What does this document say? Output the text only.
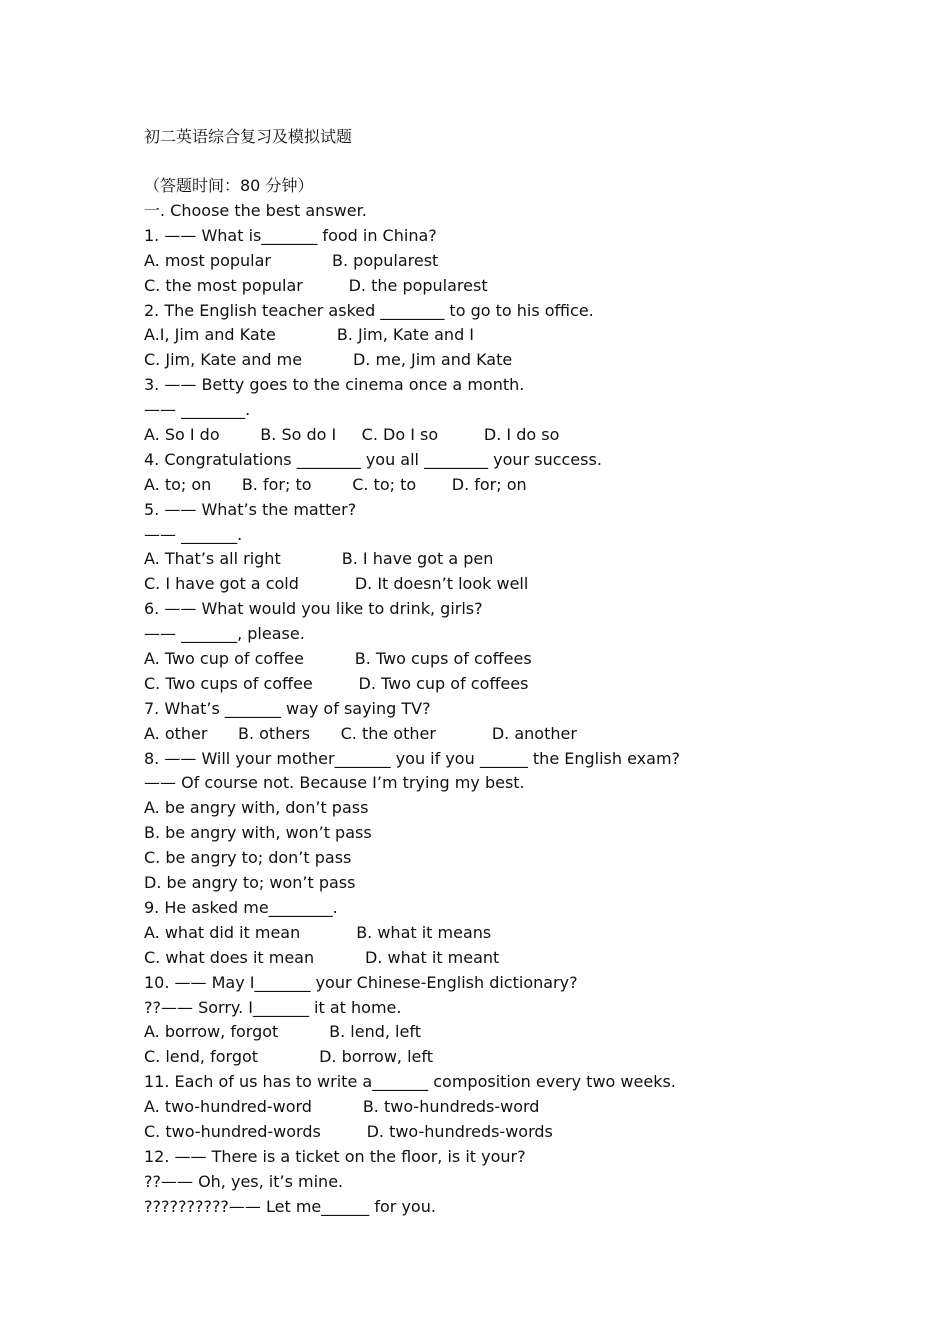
初二英语综合复习及模拟试题
（答题时间：80 分钟）
一. Choose the best answer.
1. —— What is_______ food in China?
A. most popular            B. popularest
C. the most popular         D. the popularest
2. The English teacher asked ________ to go to his office.
A.I, Jim and Kate            B. Jim, Kate and I
C. Jim, Kate and me          D. me, Jim and Kate
3. —— Betty goes to the cinema once a month.
—— ________.
A. So I do        B. So do I     C. Do I so         D. I do so
4. Congratulations ________ you all ________ your success.
A. to; on      B. for; to        C. to; to       D. for; on
5. —— What’s the matter?
—— _______.
A. That’s all right            B. I have got a pen
C. I have got a cold           D. It doesn’t look well
6. —— What would you like to drink, girls?
—— _______, please.
A. Two cup of coffee          B. Two cups of coffees
C. Two cups of coffee         D. Two cup of coffees
7. What’s _______ way of saying TV?
A. other      B. others      C. the other           D. another
8. —— Will your mother_______ you if you ______ the English exam?
—— Of course not. Because I’m trying my best.
A. be angry with, don’t pass
B. be angry with, won’t pass
C. be angry to; don’t pass
D. be angry to; won’t pass
9. He asked me________.
A. what did it mean           B. what it means
C. what does it mean          D. what it meant
10. —— May I_______ your Chinese-English dictionary?
??—— Sorry. I_______ it at home.
A. borrow, forgot          B. lend, left
C. lend, forgot            D. borrow, left
11. Each of us has to write a_______ composition every two weeks.
A. two-hundred-word          B. two-hundreds-word
C. two-hundred-words         D. two-hundreds-words
12. —— There is a ticket on the floor, is it your?
??—— Oh, yes, it’s mine.
??????????—— Let me______ for you.
